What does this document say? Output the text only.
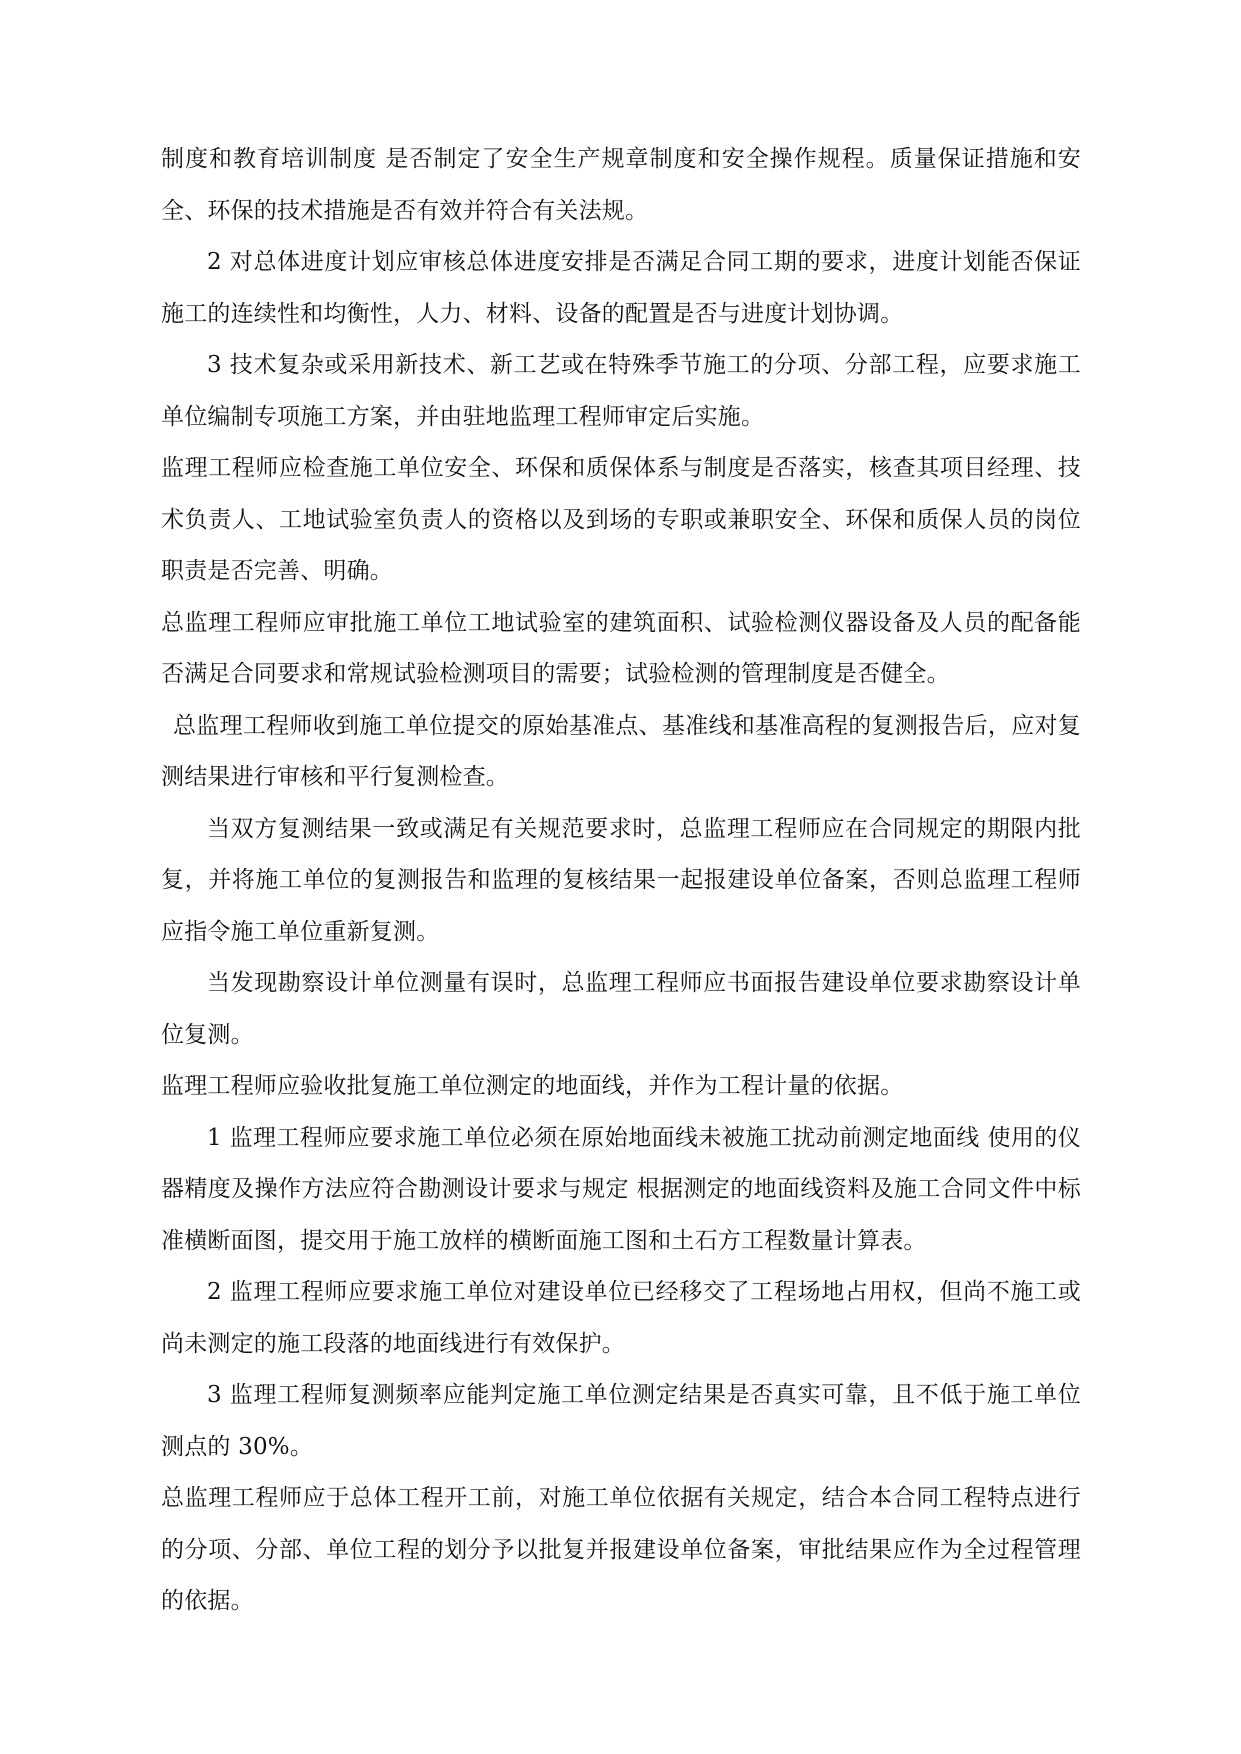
制度和教育培训制度 是否制定了安全生产规章制度和安全操作规程。质量保证措施和安全、环保的技术措施是否有效并符合有关法规。

2 对总体进度计划应审核总体进度安排是否满足合同工期的要求，进度计划能否保证施工的连续性和均衡性，人力、材料、设备的配置是否与进度计划协调。

3 技术复杂或采用新技术、新工艺或在特殊季节施工的分项、分部工程，应要求施工单位编制专项施工方案，并由驻地监理工程师审定后实施。

监理工程师应检查施工单位安全、环保和质保体系与制度是否落实，核查其项目经理、技术负责人、工地试验室负责人的资格以及到场的专职或兼职安全、环保和质保人员的岗位职责是否完善、明确。

总监理工程师应审批施工单位工地试验室的建筑面积、试验检测仪器设备及人员的配备能否满足合同要求和常规试验检测项目的需要；试验检测的管理制度是否健全。

总监理工程师收到施工单位提交的原始基准点、基准线和基准高程的复测报告后，应对复测结果进行审核和平行复测检查。

当双方复测结果一致或满足有关规范要求时，总监理工程师应在合同规定的期限内批复，并将施工单位的复测报告和监理的复核结果一起报建设单位备案，否则总监理工程师应指令施工单位重新复测。

当发现勘察设计单位测量有误时，总监理工程师应书面报告建设单位要求勘察设计单位复测。

监理工程师应验收批复施工单位测定的地面线，并作为工程计量的依据。

1 监理工程师应要求施工单位必须在原始地面线未被施工扰动前测定地面线 使用的仪器精度及操作方法应符合勘测设计要求与规定 根据测定的地面线资料及施工合同文件中标准横断面图，提交用于施工放样的横断面施工图和土石方工程数量计算表。

2 监理工程师应要求施工单位对建设单位已经移交了工程场地占用权，但尚不施工或尚未测定的施工段落的地面线进行有效保护。

3 监理工程师复测频率应能判定施工单位测定结果是否真实可靠，且不低于施工单位测点的 30%。

总监理工程师应于总体工程开工前，对施工单位依据有关规定，结合本合同工程特点进行的分项、分部、单位工程的划分予以批复并报建设单位备案，审批结果应作为全过程管理的依据。
